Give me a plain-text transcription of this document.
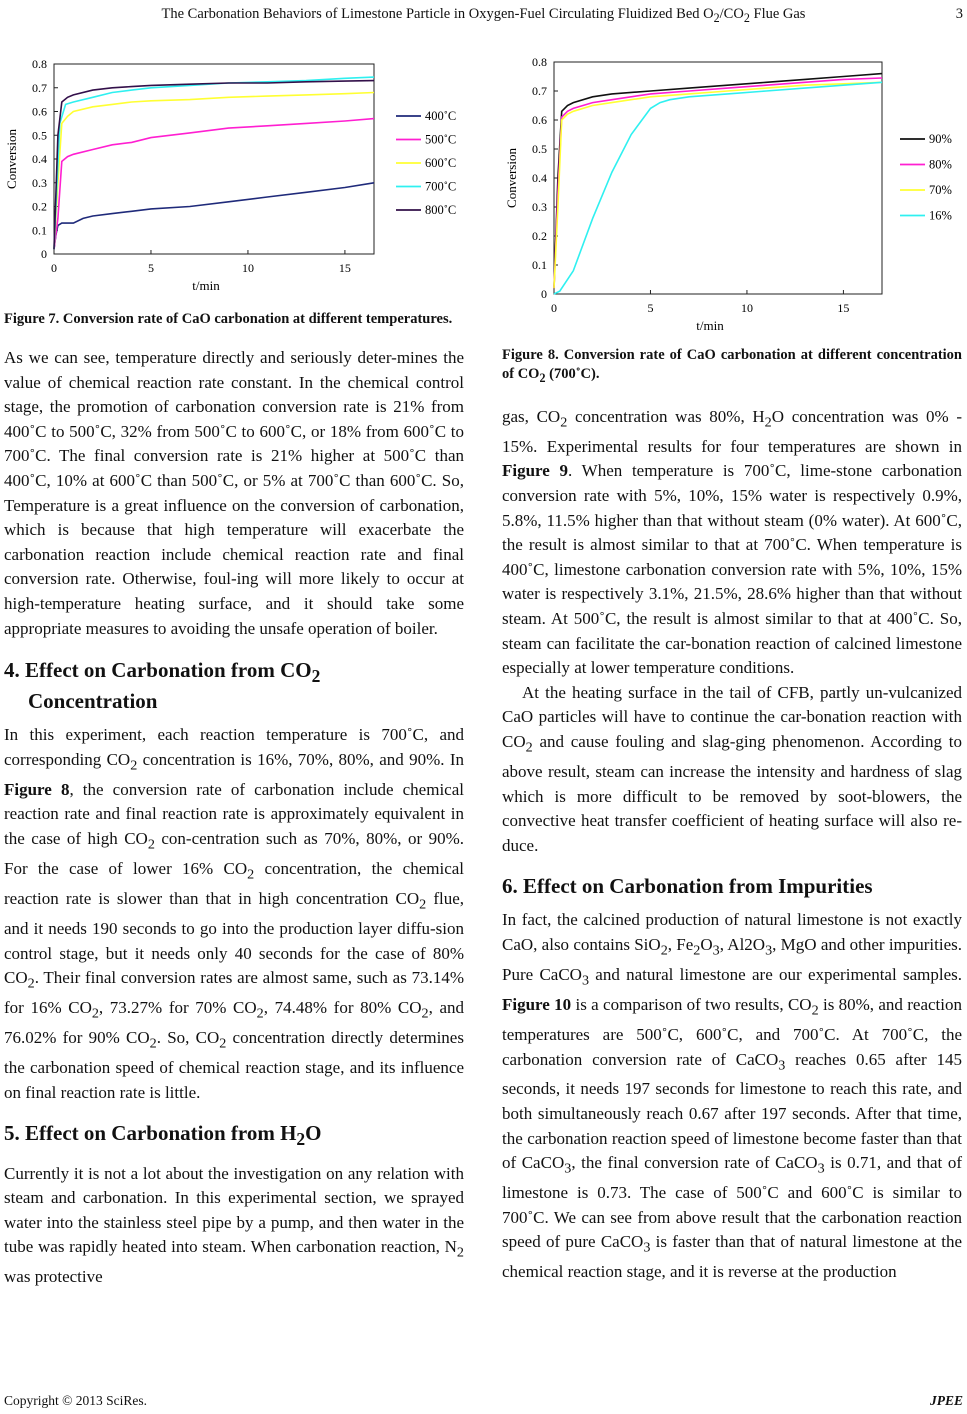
The Carbonation Behaviors of Limestone Particle in Oxygen-Fuel Circulating Fluidized Bed $O_2/CO_2$ Flue Gas	3
0
0.1
0.2
0.3
0.4
0.5
0.6
0.7
0.8
0	5	10	15
t/min
Conversion
400˚C
500˚C
600˚C
700˚C
800˚C
Figure 7. Conversion rate of CaO carbonation at different temperatures.

As we can see, temperature directly and seriously deter-mines the value of chemical reaction rate constant. In the chemical control stage, the promotion of carbonation conversion rate is 21% from 400˚C to 500˚C, 32% from 500˚C to 600˚C, or 18% from 600˚C to 700˚C. The final conversion rate is 21% higher at 500˚C than 400˚C, 10% at 600˚C than 500˚C, or 5% at 700˚C than 600˚C. So, Temperature is a great influence on the conversion of carbonation, which is because that high temperature will exacerbate the carbonation reaction include chemical reaction rate and final conversion rate. Otherwise, foul-ing will more likely to occur at high-temperature heating surface, and it should take some appropriate measures to avoiding the unsafe operation of boiler.

4. Effect on Carbonation from $CO_2$
Concentration

In this experiment, each reaction temperature is 700˚C, and corresponding $CO_2$ concentration is 16%, 70%, 80%, and 90%. In Figure 8, the conversion rate of carbonation include chemical reaction rate and final reaction rate is approximately equivalent in the case of high $CO_2$ con-centration such as 70%, 80%, or 90%. For the case of lower 16% $CO_2$ concentration, the chemical reaction rate is slower than that in high concentration $CO_2$ flue, and it needs 190 seconds to go into the production layer diffu-sion control stage, but it needs only 40 seconds for the case of 80% $CO_2$. Their final conversion rates are almost same, such as 73.14% for 16% $CO_2$, 73.27% for 70% $CO_2$, 74.48% for 80% $CO_2$, and 76.02% for 90% $CO_2$. So, $CO_2$ concentration directly determines the carbonation speed of chemical reaction stage, and its influence on final reaction rate is little.

5. Effect on Carbonation from $H_2O$

Currently it is not a lot about the investigation on any relation with steam and carbonation. In this experimental section, we sprayed water into the stainless steel pipe by a pump, and then water in the tube was rapidly heated into steam. When carbonation reaction, $N_2$ was protective

0
0.1
0.2
0.3
0.4
0.5
0.6
0.7
0.8
0	5	10	15
t/min
Conversion
90%
80%
70%
16%
Figure 8. Conversion rate of CaO carbonation at different concentration of $CO_2$ (700˚C).

gas, $CO_2$ concentration was 80%, $H_2O$ concentration was 0% - 15%. Experimental results for four temperatures are shown in Figure 9. When temperature is 700˚C, lime-stone carbonation conversion rate with 5%, 10%, 15% water is respectively 0.9%, 5.8%, 11.5% higher than that without steam (0% water). At 600˚C, the result is almost similar to that at 700˚C. When temperature is 400˚C, limestone carbonation conversion rate with 5%, 10%, 15% water is respectively 3.1%, 21.5%, 28.6% higher than that without steam. At 500˚C, the result is almost similar to that at 400˚C. So, steam can facilitate the car-bonation reaction of calcined limestone especially at lower temperature conditions.

At the heating surface in the tail of CFB, partly un-vulcanized CaO particles will have to continue the car-bonation reaction with $CO_2$ and cause fouling and slag-ging phenomenon. According to above result, steam can increase the intensity and hardness of slag which is more difficult to be removed by soot-blowers, the convective heat transfer coefficient of heating surface will also re-duce.

6. Effect on Carbonation from Impurities

In fact, the calcined production of natural limestone is not exactly CaO, also contains SiO$_2$, $Fe_2O_3$, $Al2O_3$, MgO and other impurities. Pure CaCO$_3$ and natural limestone are our experimental samples. Figure 10 is a comparison of two results, $CO_2$ is 80%, and reaction temperatures are 500˚C, 600˚C, and 700˚C. At 700˚C, the carbonation conversion rate of CaCO$_3$ reaches 0.65 after 145 seconds, it needs 197 seconds for limestone to reach this rate, and both simultaneously reach 0.67 after 197 seconds. After that time, the carbonation reaction speed of limestone become faster than that of CaCO$_3$, the final conversion rate of CaCO$_3$ is 0.71, and that of limestone is 0.73. The case of 500˚C and 600˚C is similar to 700˚C. We can see from above result that the carbonation reaction speed of pure CaCO$_3$ is faster than that of natural limestone at the chemical reaction stage, and it is reverse at the production

Copyright © 2013 SciRes.	JPEE
